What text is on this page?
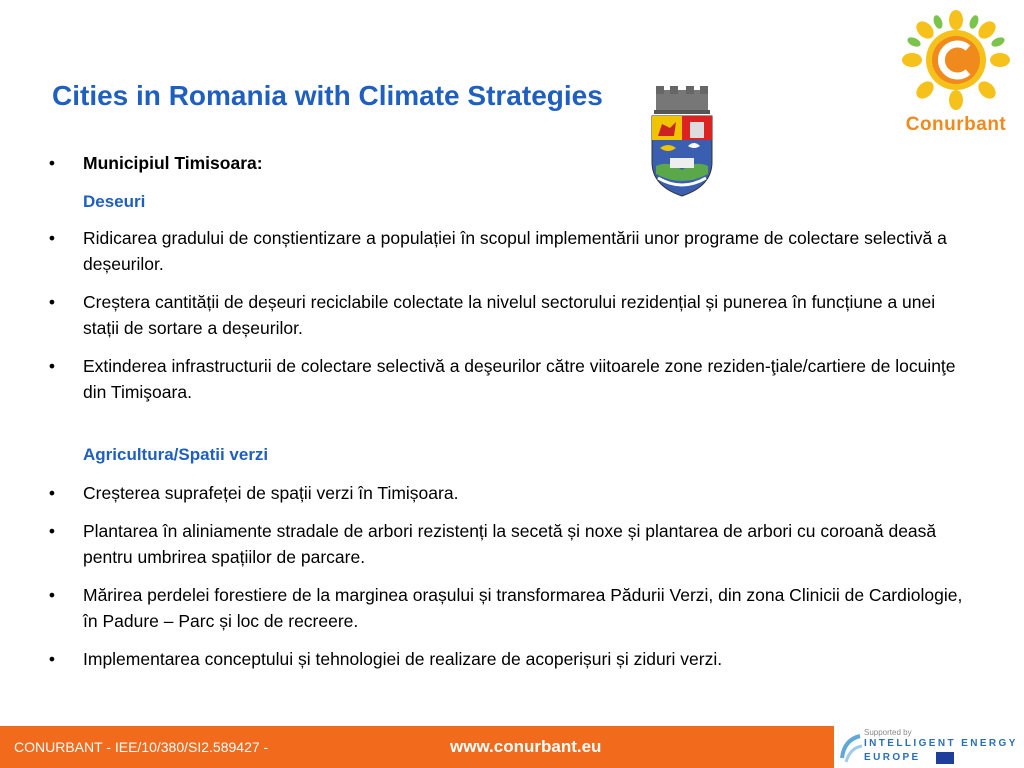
Cities in Romania with Climate Strategies
Conurbant
•	Municipiul Timisoara:
Deseuri
•	Ridicarea gradului de conștientizare a populației în scopul implementării unor programe de colectare selectivă a deșeurilor.
•	Creștera cantității de deșeuri reciclabile colectate la nivelul sectorului rezidențial și punerea în funcțiune a unei stații de sortare a deșeurilor.
•	Extinderea infrastructurii de colectare selectivă a deşeurilor către viitoarele zone reziden-ţiale/cartiere de locuinţe din Timişoara.
Agricultura/Spatii verzi
•	Creșterea suprafeței de spații verzi în Timișoara.
•	Plantarea în aliniamente stradale de arbori rezistenți la secetă și noxe și plantarea de arbori cu coroană deasă pentru umbrirea spațiilor de parcare.
•	Mărirea perdelei forestiere de la marginea orașului și transformarea Pădurii Verzi, din zona Clinicii de Cardiologie, în Padure – Parc și loc de recreere.
•	Implementarea conceptului și tehnologiei de realizare de acoperișuri și ziduri verzi.
CONURBANT - IEE/10/380/SI2.589427 -	www.conurbant.eu
Supported by
INTELLIGENT ENERGY
EUROPE
